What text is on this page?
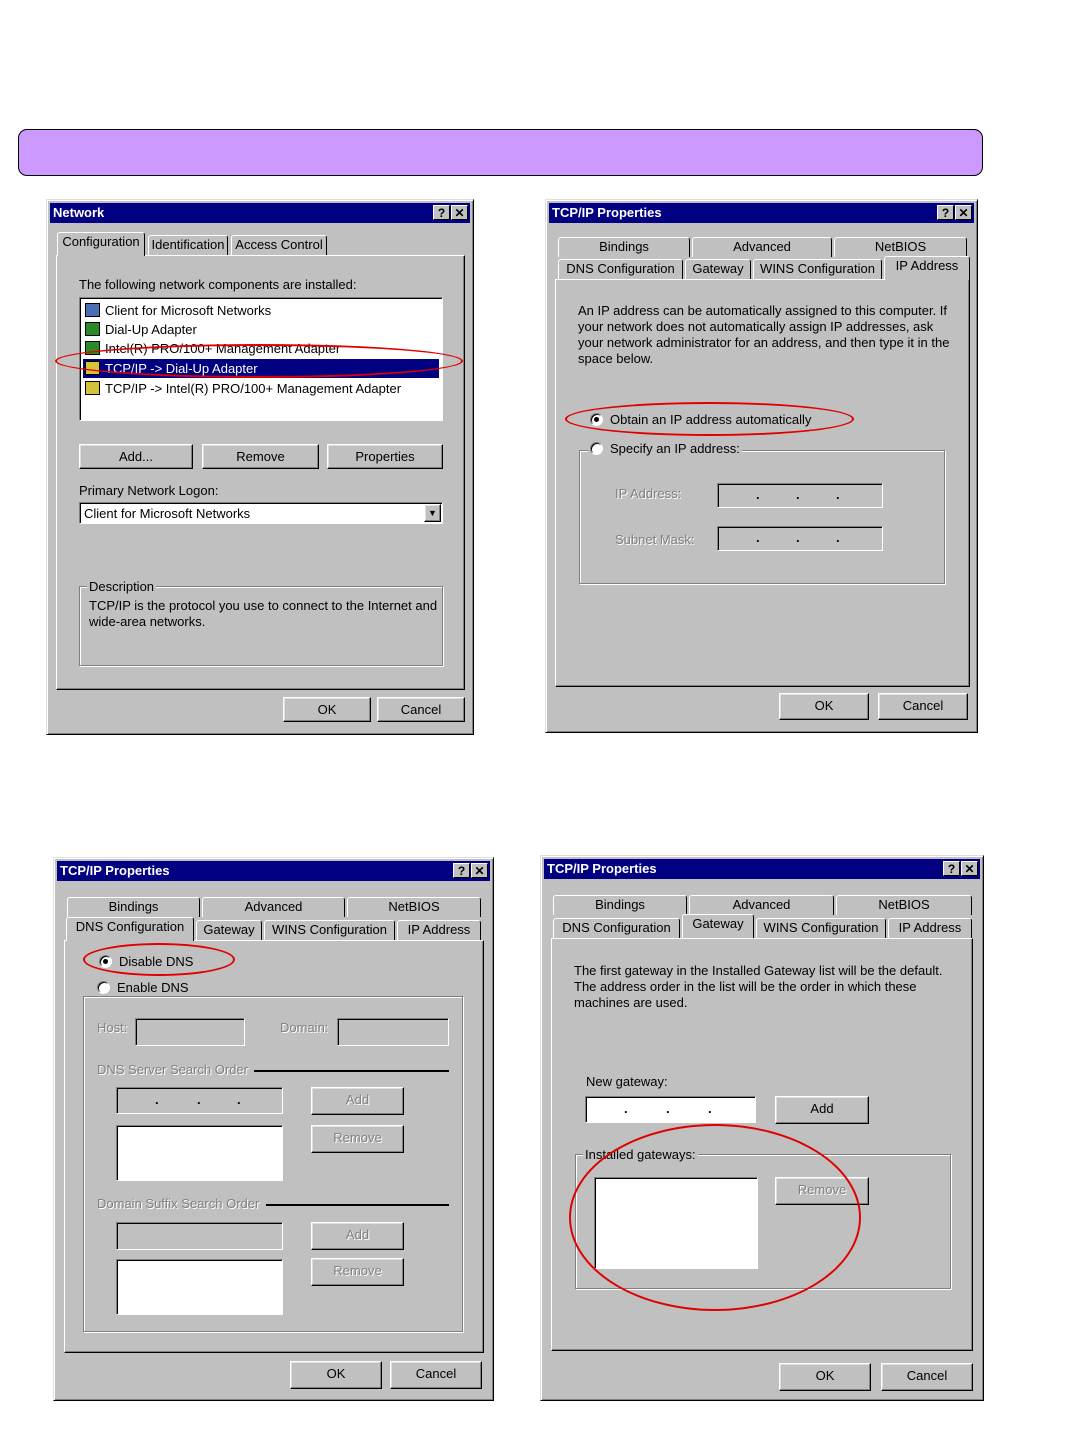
Network	? ✕
Configuration Identification Access Control
The following network components are installed:
Client for Microsoft Networks
Dial-Up Adapter
Intel(R) PRO/100+ Management Adapter
TCP/IP -> Dial-Up Adapter
TCP/IP -> Intel(R) PRO/100+ Management Adapter
Add...	Remove	Properties
Primary Network Logon:
Client for Microsoft Networks	▼
Description
TCP/IP is the protocol you use to connect to the Internet and wide-area networks.
OK	Cancel
TCP/IP Properties	? ✕
Bindings	Advanced	NetBIOS
DNS Configuration	Gateway	WINS Configuration	IP Address
An IP address can be automatically assigned to this computer. If your network does not automatically assign IP addresses, ask your network administrator for an address, and then type it in the space below.
Obtain an IP address automatically
Specify an IP address:
IP Address:	.	.	.
Subnet Mask:	.	.	.
OK	Cancel
TCP/IP Properties	? ✕
Bindings	Advanced	NetBIOS
DNS Configuration	Gateway	WINS Configuration	IP Address
Disable DNS
Enable DNS
Host:	Domain:
DNS Server Search Order
.	.	.	Add
Remove
Domain Suffix Search Order
Add
Remove
OK	Cancel
TCP/IP Properties	? ✕
Bindings	Advanced	NetBIOS
DNS Configuration	Gateway	WINS Configuration	IP Address
The first gateway in the Installed Gateway list will be the default. The address order in the list will be the order in which these machines are used.
New gateway:
.	.	.	Add
Installed gateways:
Remove
OK	Cancel
